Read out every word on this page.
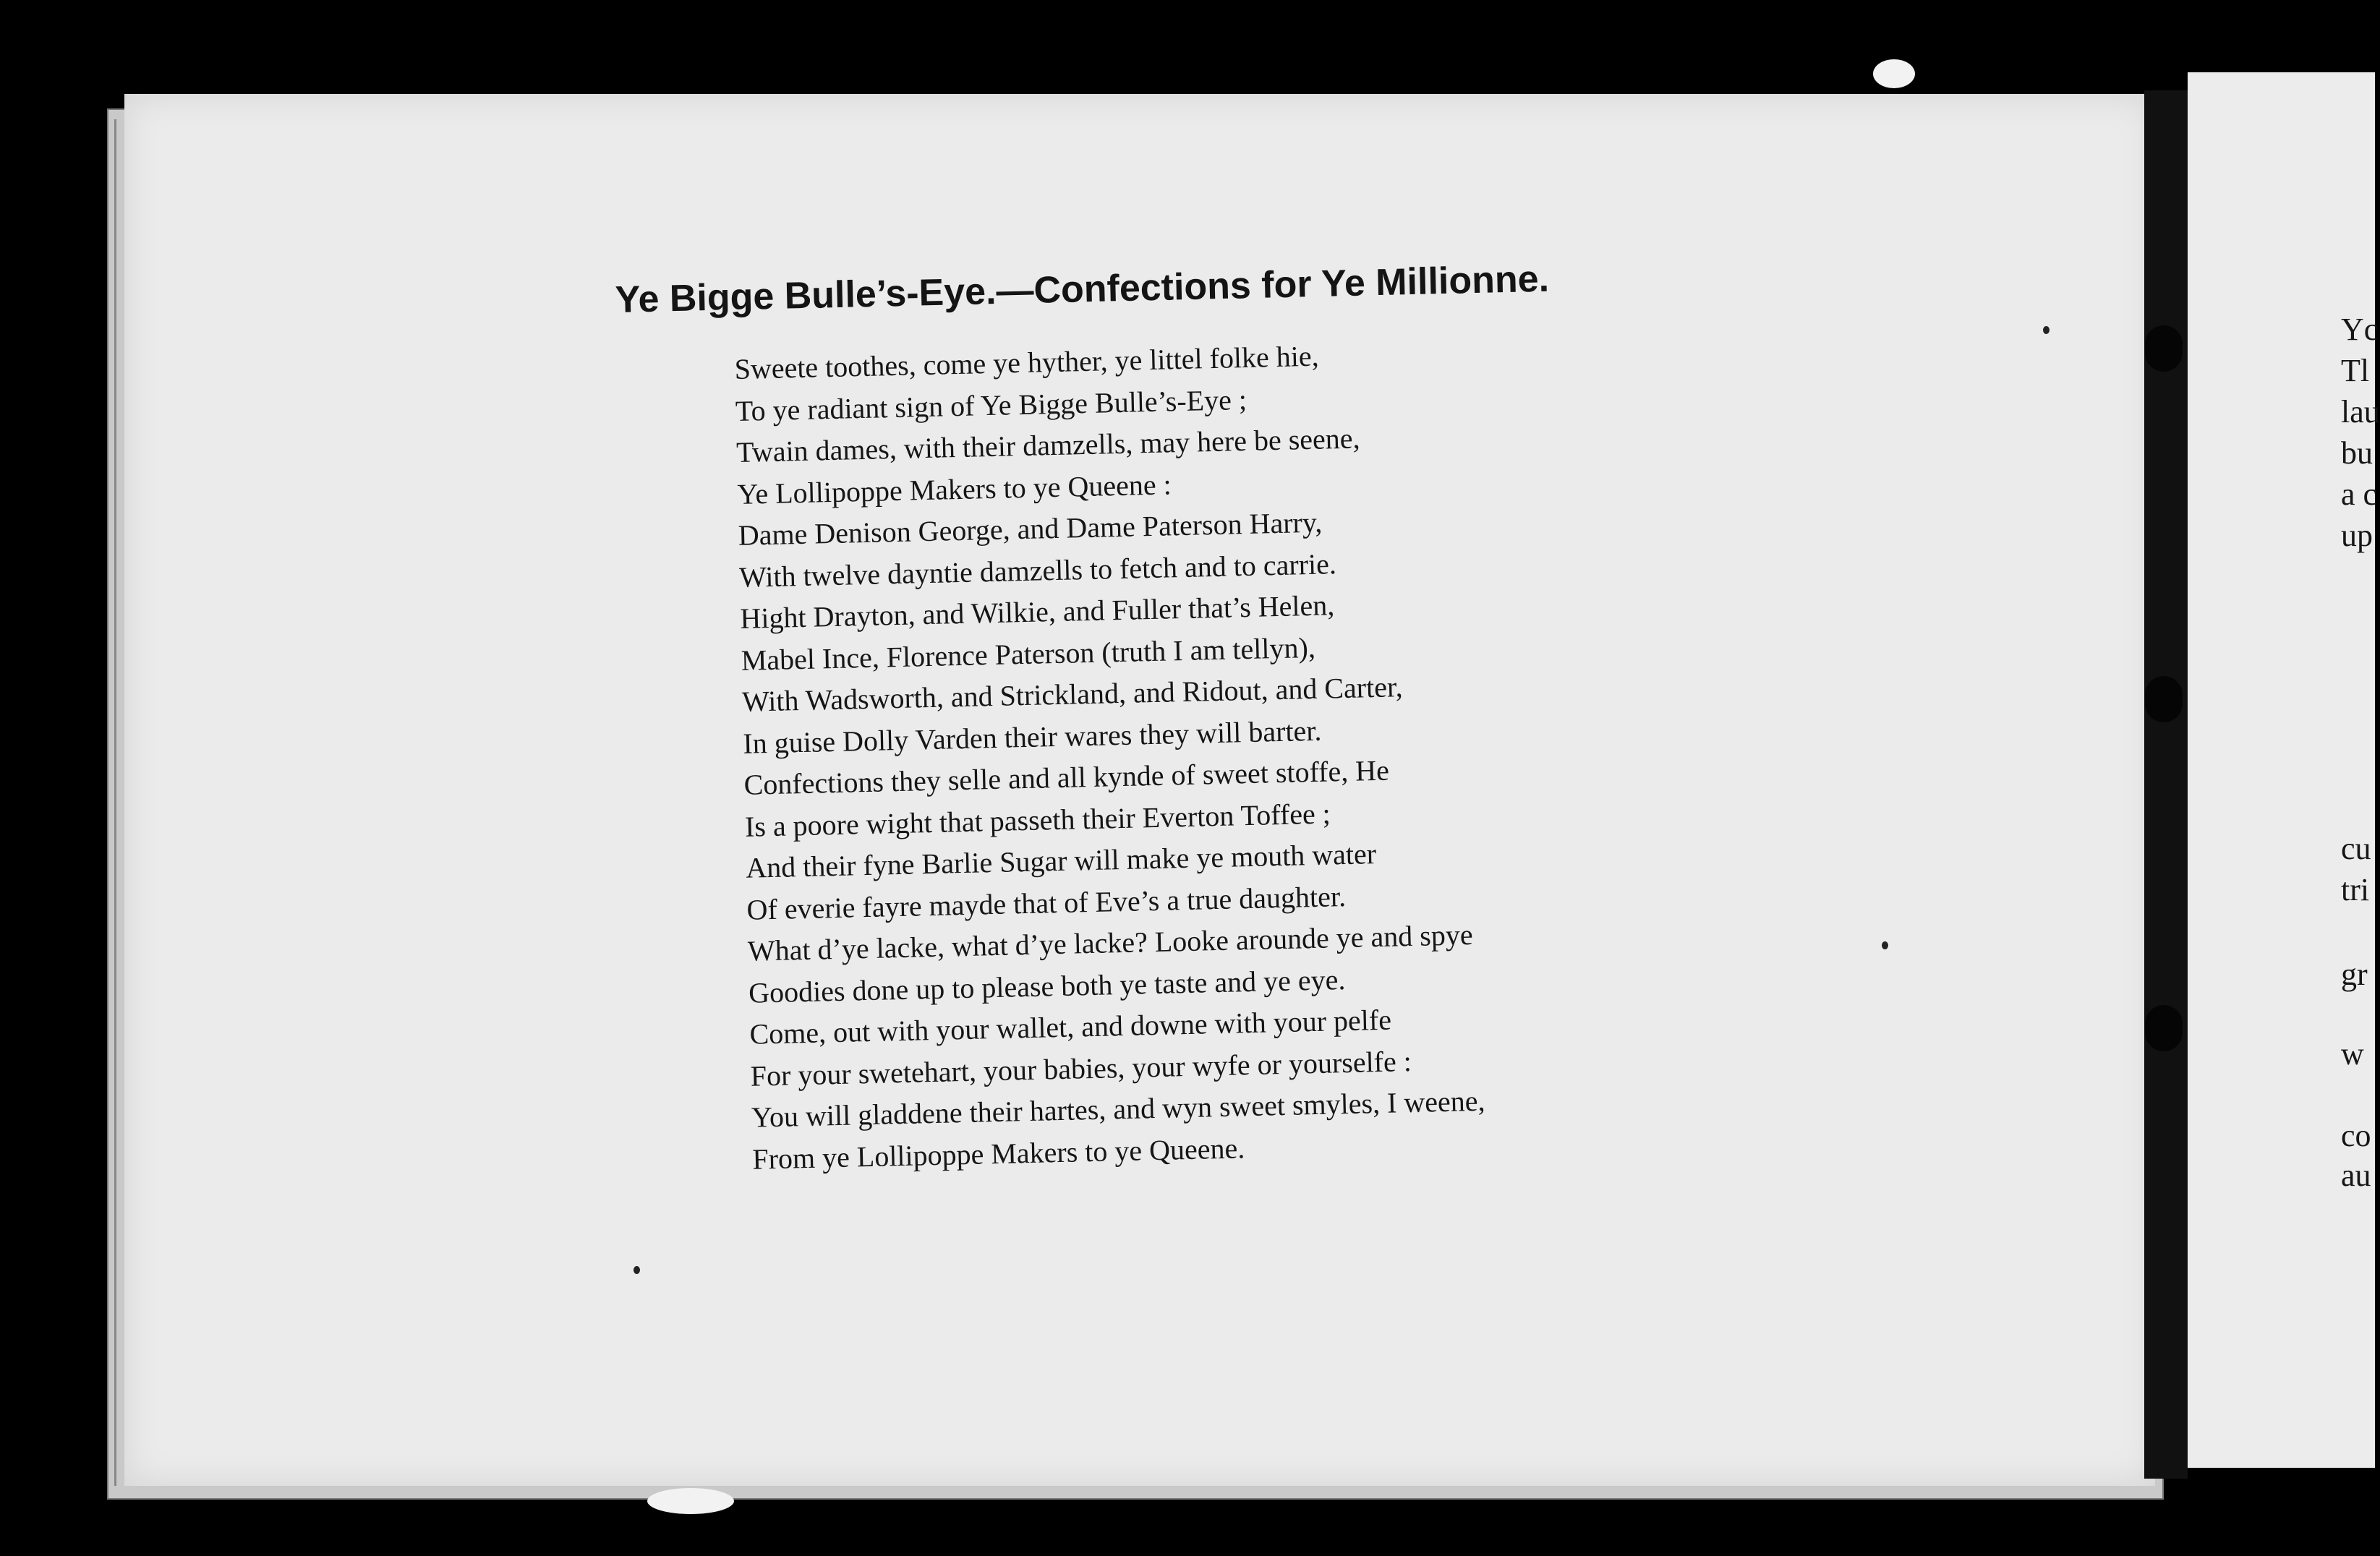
Ye Bigge Bulle’s-Eye.—Confections for Ye Millionne.
Sweete toothes, come ye hyther, ye littel folke hie,
To ye radiant sign of Ye Bigge Bulle’s-Eye ;
Twain dames, with their damzells, may here be seene,
Ye Lollipoppe Makers to ye Queene :
Dame Denison George, and Dame Paterson Harry,
With twelve dayntie damzells to fetch and to carrie.
Hight Drayton, and Wilkie, and Fuller that’s Helen,
Mabel Ince, Florence Paterson (truth I am tellyn),
With Wadsworth, and Strickland, and Ridout, and Carter,
In guise Dolly Varden their wares they will barter.
Confections they selle and all kynde of sweet stoffe, He
Is a poore wight that passeth their Everton Toffee ;
And their fyne Barlie Sugar will make ye mouth water
Of everie fayre mayde that of Eve’s a true daughter.
What d’ye lacke, what d’ye lacke? Looke arounde ye and spye
Goodies done up to please both ye taste and ye eye.
Come, out with your wallet, and downe with your pelfe
For your swetehart, your babies, your wyfe or yourselfe :
You will gladdene their hartes, and wyn sweet smyles, I weene,
From ye Lollipoppe Makers to ye Queene.
Yc
Tl
lau
bu
a c
up
cu
tri
gr
w
co
au
